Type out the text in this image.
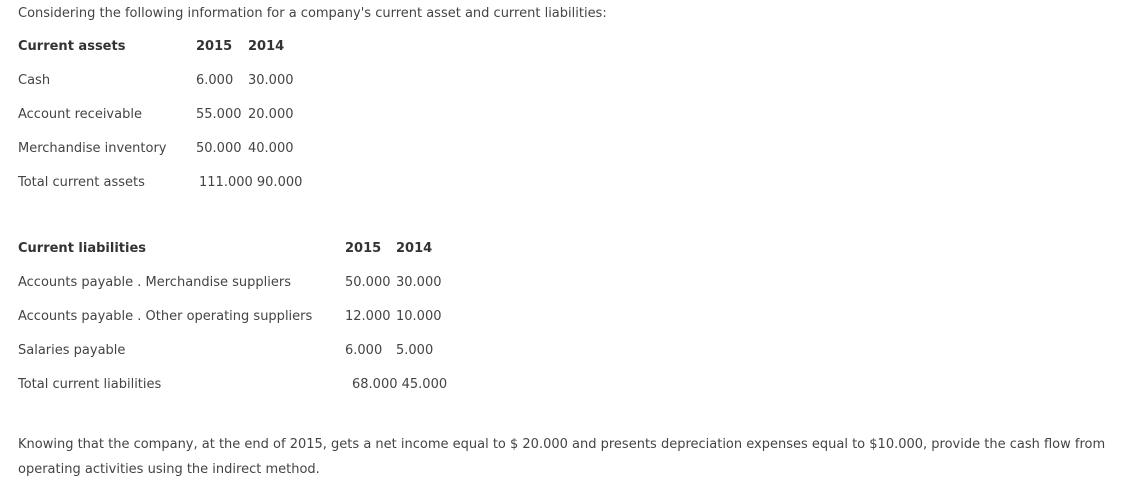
Considering the following information for a company's current asset and current liabilities:
Current assets	2015 2014
Cash	6.000 30.000
Account receivable	55.000 20.000
Merchandise inventory 50.000 40.000
Total current assets	111.000 90.000
Current liabilities	2015 2014
Accounts payable . Merchandise suppliers	50.000 30.000
Accounts payable . Other operating suppliers	12.000 10.000
Salaries payable	6.000 5.000
Total current liabilities	68.000 45.000
Knowing that the company, at the end of 2015, gets a net income equal to $ 20.000 and presents depreciation expenses equal to $10.000, provide the cash flow from operating activities using the indirect method.
